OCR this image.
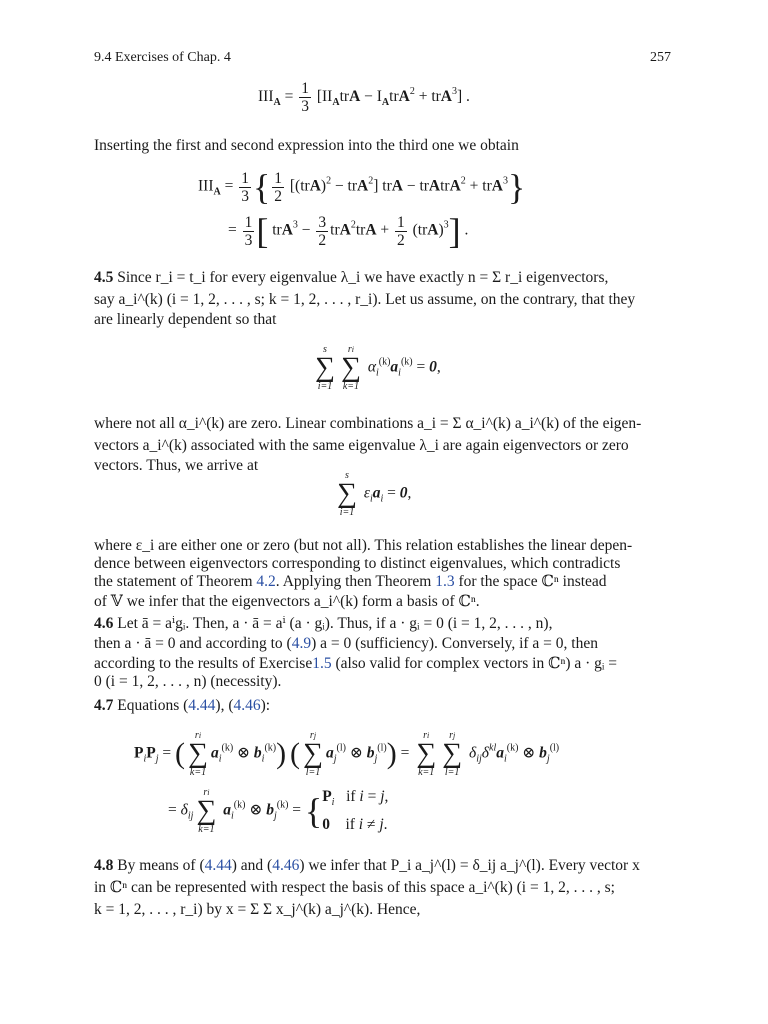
9.4 Exercises of Chap. 4	257
$III_A = \frac{1}{3} [II_AtrA - I_AtrA^2 + trA^3]$ .
Inserting the first and second expression into the third one we obtain
$III_A = \frac{1}{3}$ { $\frac{1}{2} [(trA)^2 - trA^2]$ trA − trAtrA$^2$ + trA$^3$}
= $\frac{1}{3}$ [ $trA^3 - \frac{3}{2} trA^2trA + \frac{1}{2} (trA)^3$] .
4.5 Since r_i = t_i for every eigenvalue λ_i we have exactly n = Σ r_i eigenvectors,
say a_i^(k) (i = 1, 2, . . . , s; k = 1, 2, . . . , r_i). Let us assume, on the contrary, that they
are linearly dependent so that
s
∑
i=1
ri
∑
k=1
$\alpha_i^{(k)}a_i^{(k)} = 0$,
where not all α_i^(k) are zero. Linear combinations a_i = Σ α_i^(k) a_i^(k) of the eigen-
vectors a_i^(k) associated with the same eigenvalue λ_i are again eigenvectors or zero
vectors. Thus, we arrive at
s
∑
i=1
$\varepsilon_ia_i = 0$,
where ε_i are either one or zero (but not all). This relation establishes the linear depen-
dence between eigenvectors corresponding to distinct eigenvalues, which contradicts
the statement of Theorem 4.2. Applying then Theorem 1.3 for the space ℂⁿ instead
of 𝕍 we infer that the eigenvectors a_i^(k) form a basis of ℂⁿ.
4.6 Let ā = aⁱgᵢ. Then, a · ā = aⁱ (a · gᵢ). Thus, if a · gᵢ = 0 (i = 1, 2, . . . , n),
then a · ā = 0 and according to (4.9) a = 0 (sufficiency). Conversely, if a = 0, then
according to the results of Exercise1.5 (also valid for complex vectors in ℂⁿ) a · gᵢ =
0 (i = 1, 2, . . . , n) (necessity).
4.7 Equations (4.44), (4.46):
$P_iP_j$ = (
ri
∑
k=1
$a_i^{(k)}$ ⊗ $b_i^{(k)}$) (
rj
∑
l=1
$a_j^{(l)}$ ⊗ $b_j^{(l)}$) =
ri
∑
k=1
rj
∑
l=1
$\delta_{ij}\delta^{kl}a_i^{(k)}$ ⊗ $b_j^{(l)}$
= $\delta_{ij}$
ri
∑
k=1
$a_i^{(k)}$ ⊗ $b_j^{(k)} = \{P_i$   if i = j,
0    if i ≠ j.
4.8 By means of (4.44) and (4.46) we infer that P_i a_j^(l) = δ_ij a_j^(l). Every vector x
in ℂⁿ can be represented with respect the basis of this space a_i^(k) (i = 1, 2, . . . , s;
k = 1, 2, . . . , r_i) by x = Σ Σ x_j^(k) a_j^(k). Hence,
